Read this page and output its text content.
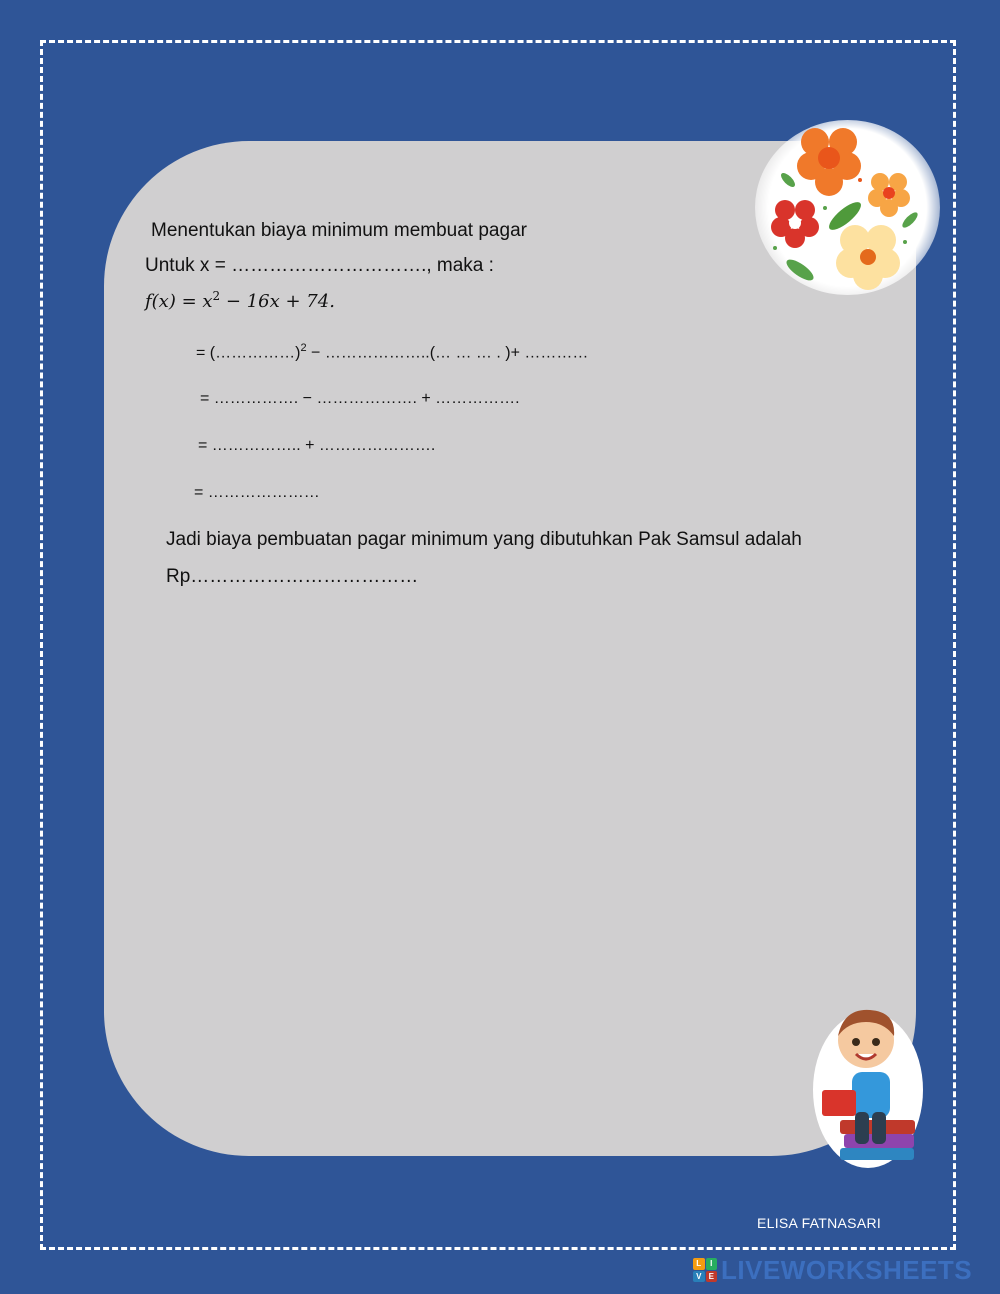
Menentukan biaya minimum membuat pagar
Untuk x = …………………………., maka :
$f(x) = x^2 - 16x + 74$.
= (……………)$^2$ − ………………..(… … … . )+ …………
= ……………. − ………………. + …………….
= …………….. + ………………….
= …………………
Jadi biaya pembuatan pagar minimum yang dibutuhkan Pak Samsul adalah
Rp………………………………
ELISA FATNASARI
L	I
V E LIVEWORKSHEETS
